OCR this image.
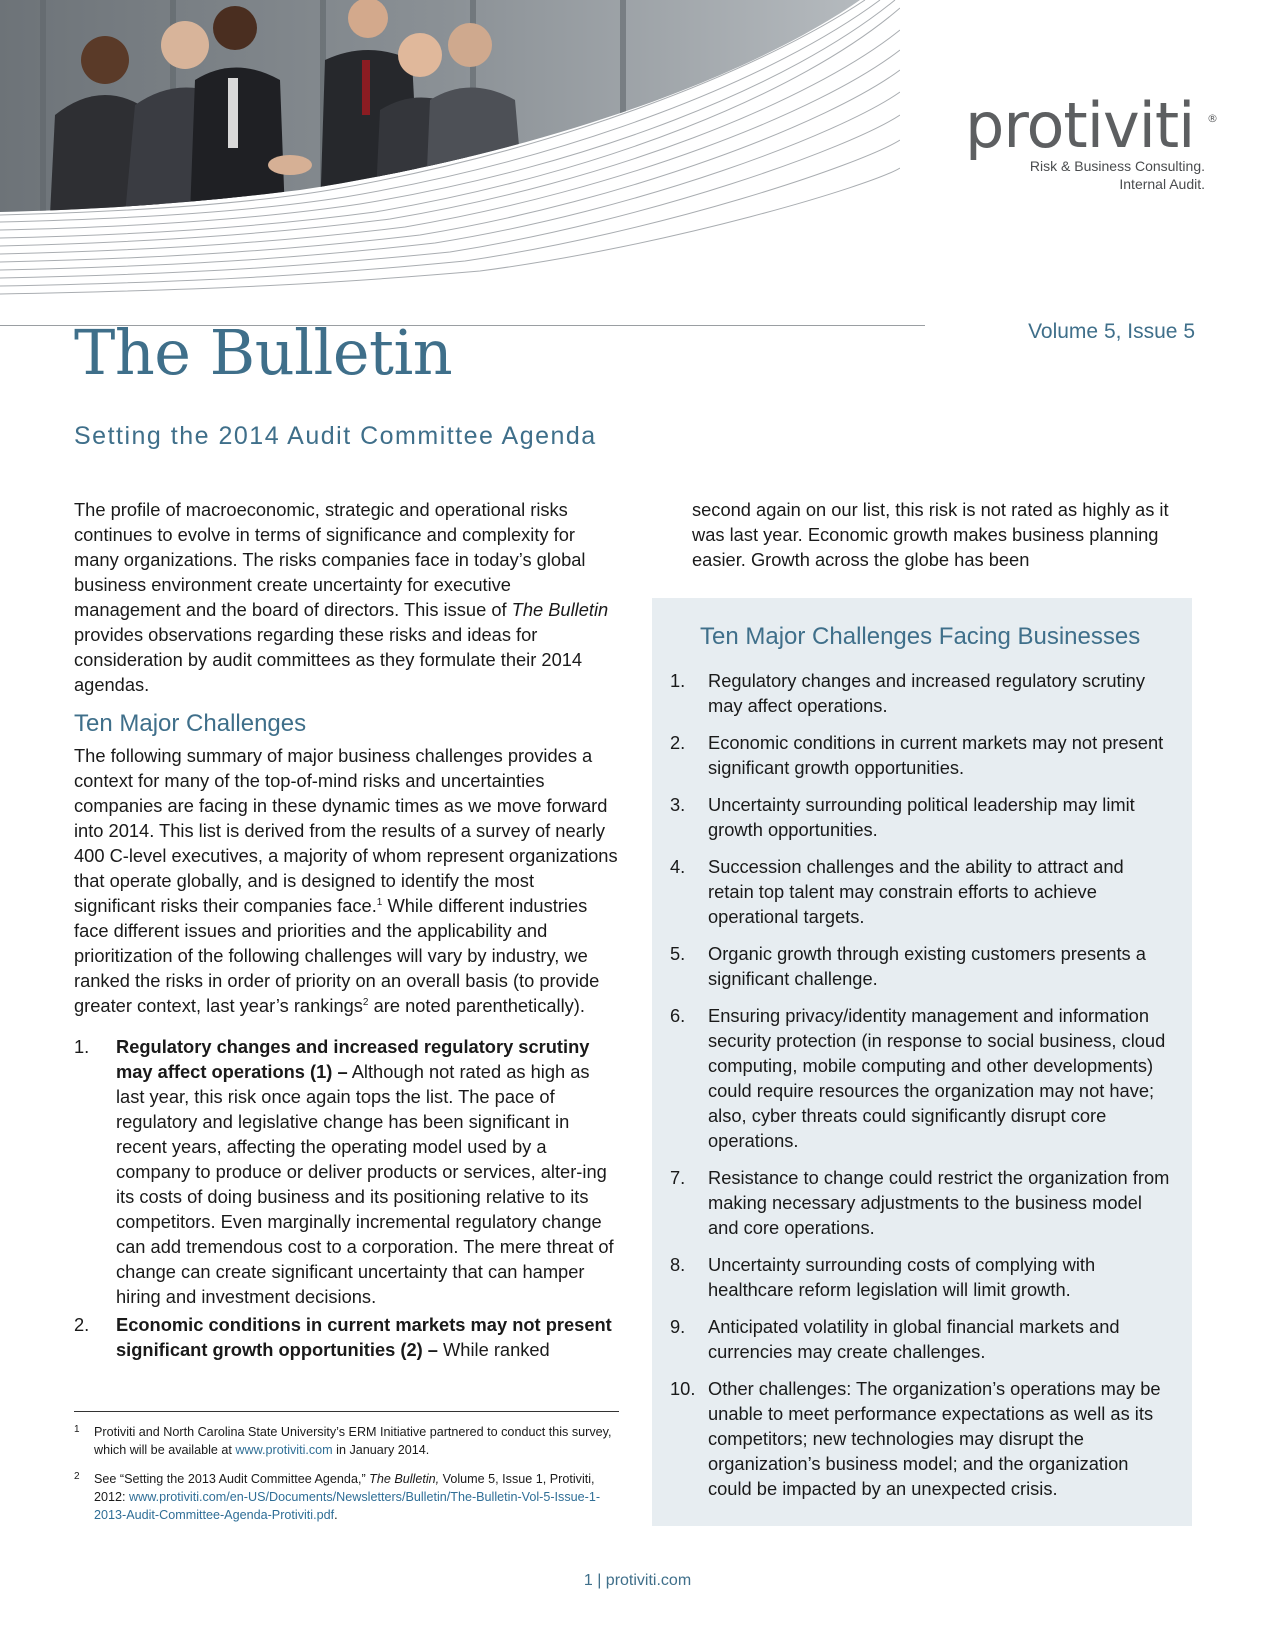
protiviti ®
Risk & Business Consulting.
Internal Audit.
The Bulletin	Volume 5, Issue 5
Setting the 2014 Audit Committee Agenda

The profile of macroeconomic, strategic and operational risks continues to evolve in terms of significance and complexity for many organizations. The risks companies face in today’s global business environment create uncertainty for executive management and the board of directors. This issue of The Bulletin provides observations regarding these risks and ideas for consideration by audit committees as they formulate their 2014 agendas.

Ten Major Challenges

The following summary of major business challenges provides a context for many of the top-of-mind risks and uncertainties companies are facing in these dynamic times as we move forward into 2014. This list is derived from the results of a survey of nearly 400 C-level executives, a majority of whom represent organizations that operate globally, and is designed to identify the most significant risks their companies face.$^1$ While different industries face different issues and priorities and the applicability and prioritization of the following challenges will vary by industry, we ranked the risks in order of priority on an overall basis (to provide greater context, last year’s rankings$^2$ are noted parenthetically).

1.	Regulatory changes and increased regulatory scrutiny may affect operations (1) – Although not rated as high as last year, this risk once again tops the list. The pace of regulatory and legislative change has been significant in recent years, affecting the operating model used by a company to produce or deliver products or services, alter-ing its costs of doing business and its positioning relative to its competitors. Even marginally incremental regulatory change can add tremendous cost to a corporation. The mere threat of change can create significant uncertainty that can hamper hiring and investment decisions.
2.	Economic conditions in current markets may not present significant growth opportunities (2) – While ranked
1	Protiviti and North Carolina State University’s ERM Initiative partnered to conduct this survey, which will be available at www.protiviti.com in January 2014.
2	See “Setting the 2013 Audit Committee Agenda,” The Bulletin, Volume 5, Issue 1, Protiviti, 2012: www.protiviti.com/en-US/Documents/Newsletters/Bulletin/The-Bulletin-Vol-5-Issue-1-2013-Audit-Committee-Agenda-Protiviti.pdf.
second again on our list, this risk is not rated as highly as it was last year. Economic growth makes business planning easier. Growth across the globe has been
Ten Major Challenges Facing Businesses
1.	Regulatory changes and increased regulatory scrutiny may affect operations.
2.	Economic conditions in current markets may not present significant growth opportunities.
3.	Uncertainty surrounding political leadership may limit growth opportunities.
4.	Succession challenges and the ability to attract and retain top talent may constrain efforts to achieve operational targets.
5.	Organic growth through existing customers presents a significant challenge.
6.	Ensuring privacy/identity management and information security protection (in response to social business, cloud computing, mobile computing and other developments) could require resources the organization may not have; also, cyber threats could significantly disrupt core operations.
7.	Resistance to change could restrict the organization from making necessary adjustments to the business model and core operations.
8.	Uncertainty surrounding costs of complying with healthcare reform legislation will limit growth.
9.	Anticipated volatility in global financial markets and currencies may create challenges.
10. Other challenges: The organization’s operations may be unable to meet performance expectations as well as its competitors; new technologies may disrupt the organization’s business model; and the organization could be impacted by an unexpected crisis.
1 | protiviti.com
